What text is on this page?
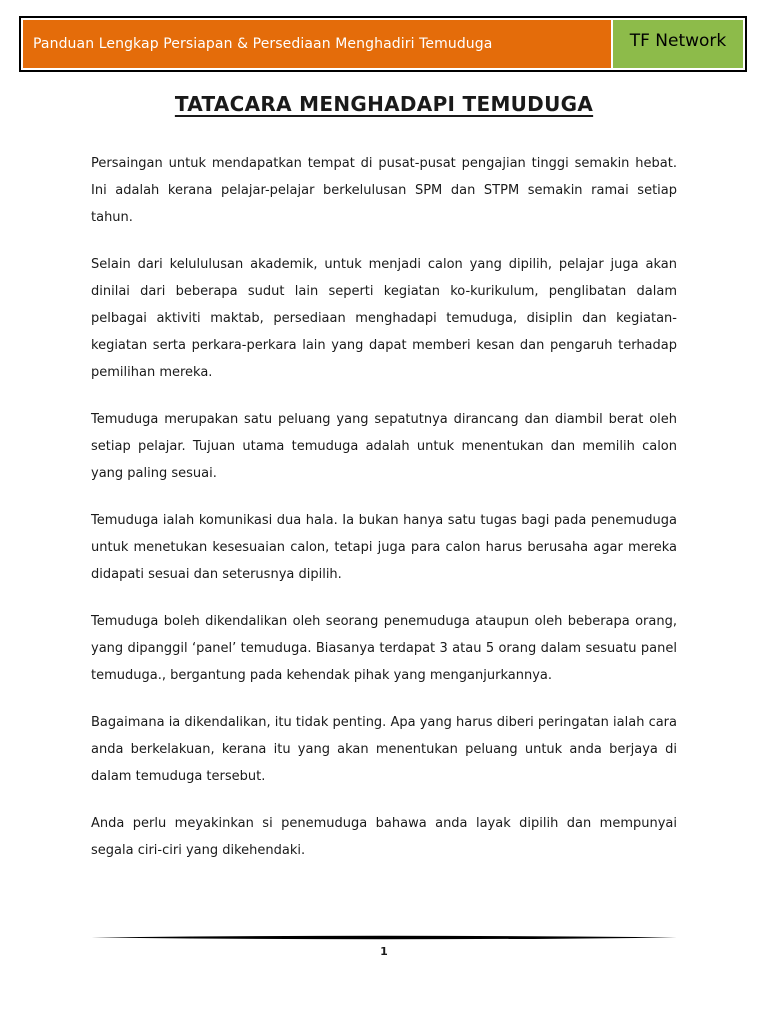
Panduan Lengkap Persiapan & Persediaan Menghadiri Temuduga	TF Network
TATACARA MENGHADAPI TEMUDUGA

Persaingan untuk mendapatkan tempat di pusat-pusat pengajian tinggi semakin hebat. Ini adalah kerana pelajar-pelajar berkelulusan SPM dan STPM semakin ramai setiap tahun.

Selain dari kelululusan akademik, untuk menjadi calon yang dipilih, pelajar juga akan dinilai dari beberapa sudut lain seperti kegiatan ko-kurikulum, penglibatan dalam pelbagai aktiviti maktab, persediaan menghadapi temuduga, disiplin dan kegiatan-kegiatan serta perkara-perkara lain yang dapat memberi kesan dan pengaruh terhadap pemilihan mereka.

Temuduga merupakan satu peluang yang sepatutnya dirancang dan diambil berat oleh setiap pelajar. Tujuan utama temuduga adalah untuk menentukan dan memilih calon yang paling sesuai.

Temuduga ialah komunikasi dua hala. Ia bukan hanya satu tugas bagi pada penemuduga untuk menetukan kesesuaian calon, tetapi juga para calon harus berusaha agar mereka didapati sesuai dan seterusnya dipilih.

Temuduga boleh dikendalikan oleh seorang penemuduga ataupun oleh beberapa orang, yang dipanggil ‘panel’ temuduga. Biasanya terdapat 3 atau 5 orang dalam sesuatu panel temuduga., bergantung pada kehendak pihak yang menganjurkannya.

Bagaimana ia dikendalikan, itu tidak penting. Apa yang harus diberi peringatan ialah cara anda berkelakuan, kerana itu yang akan menentukan peluang untuk anda berjaya di dalam temuduga tersebut.

Anda perlu meyakinkan si penemuduga bahawa anda layak dipilih dan mempunyai segala ciri-ciri yang dikehendaki.

1
